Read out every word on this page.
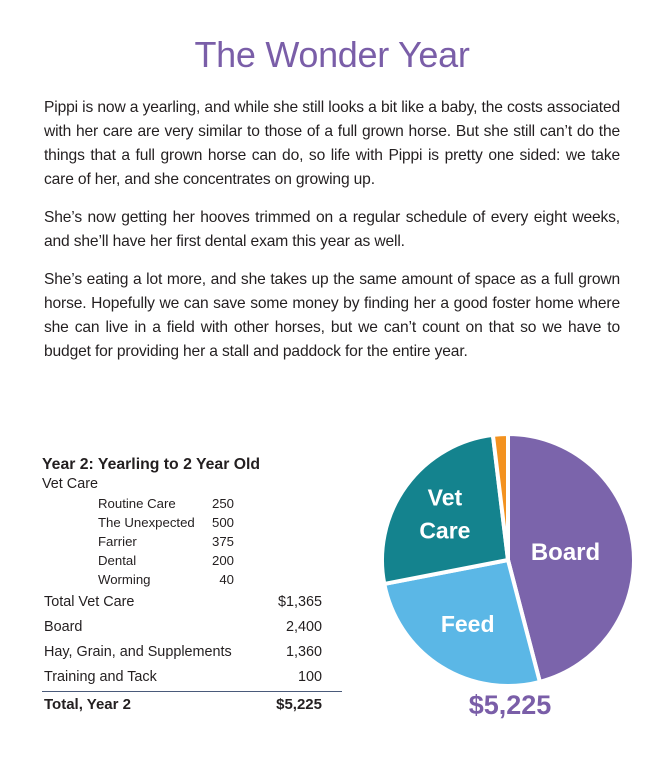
The Wonder Year

Pippi is now a yearling, and while she still looks a bit like a baby, the costs associated with her care are very similar to those of a full grown horse. But she still can’t do the things that a full grown horse can do, so life with Pippi is pretty one sided: we take care of her, and she concentrates on growing up.

She’s now getting her hooves trimmed on a regular schedule of every eight weeks, and she’ll have her first dental exam this year as well.

She’s eating a lot more, and she takes up the same amount of space as a full grown horse. Hopefully we can save some money by finding her a good foster home where she can live in a field with other horses, but we can’t count on that so we have to budget for providing her a stall and paddock for the entire year.

Year 2: Yearling to 2 Year Old
Vet Care
Routine Care	250
The Unexpected 500
Farrier	375
Dental	200
Worming	40
Total Vet Care	$1,365
Board	2,400
Hay, Grain, and Supplements	1,360
Training and Tack	100
Total, Year 2	$5,225
Board
Feed
Vet
Care
$5,225
